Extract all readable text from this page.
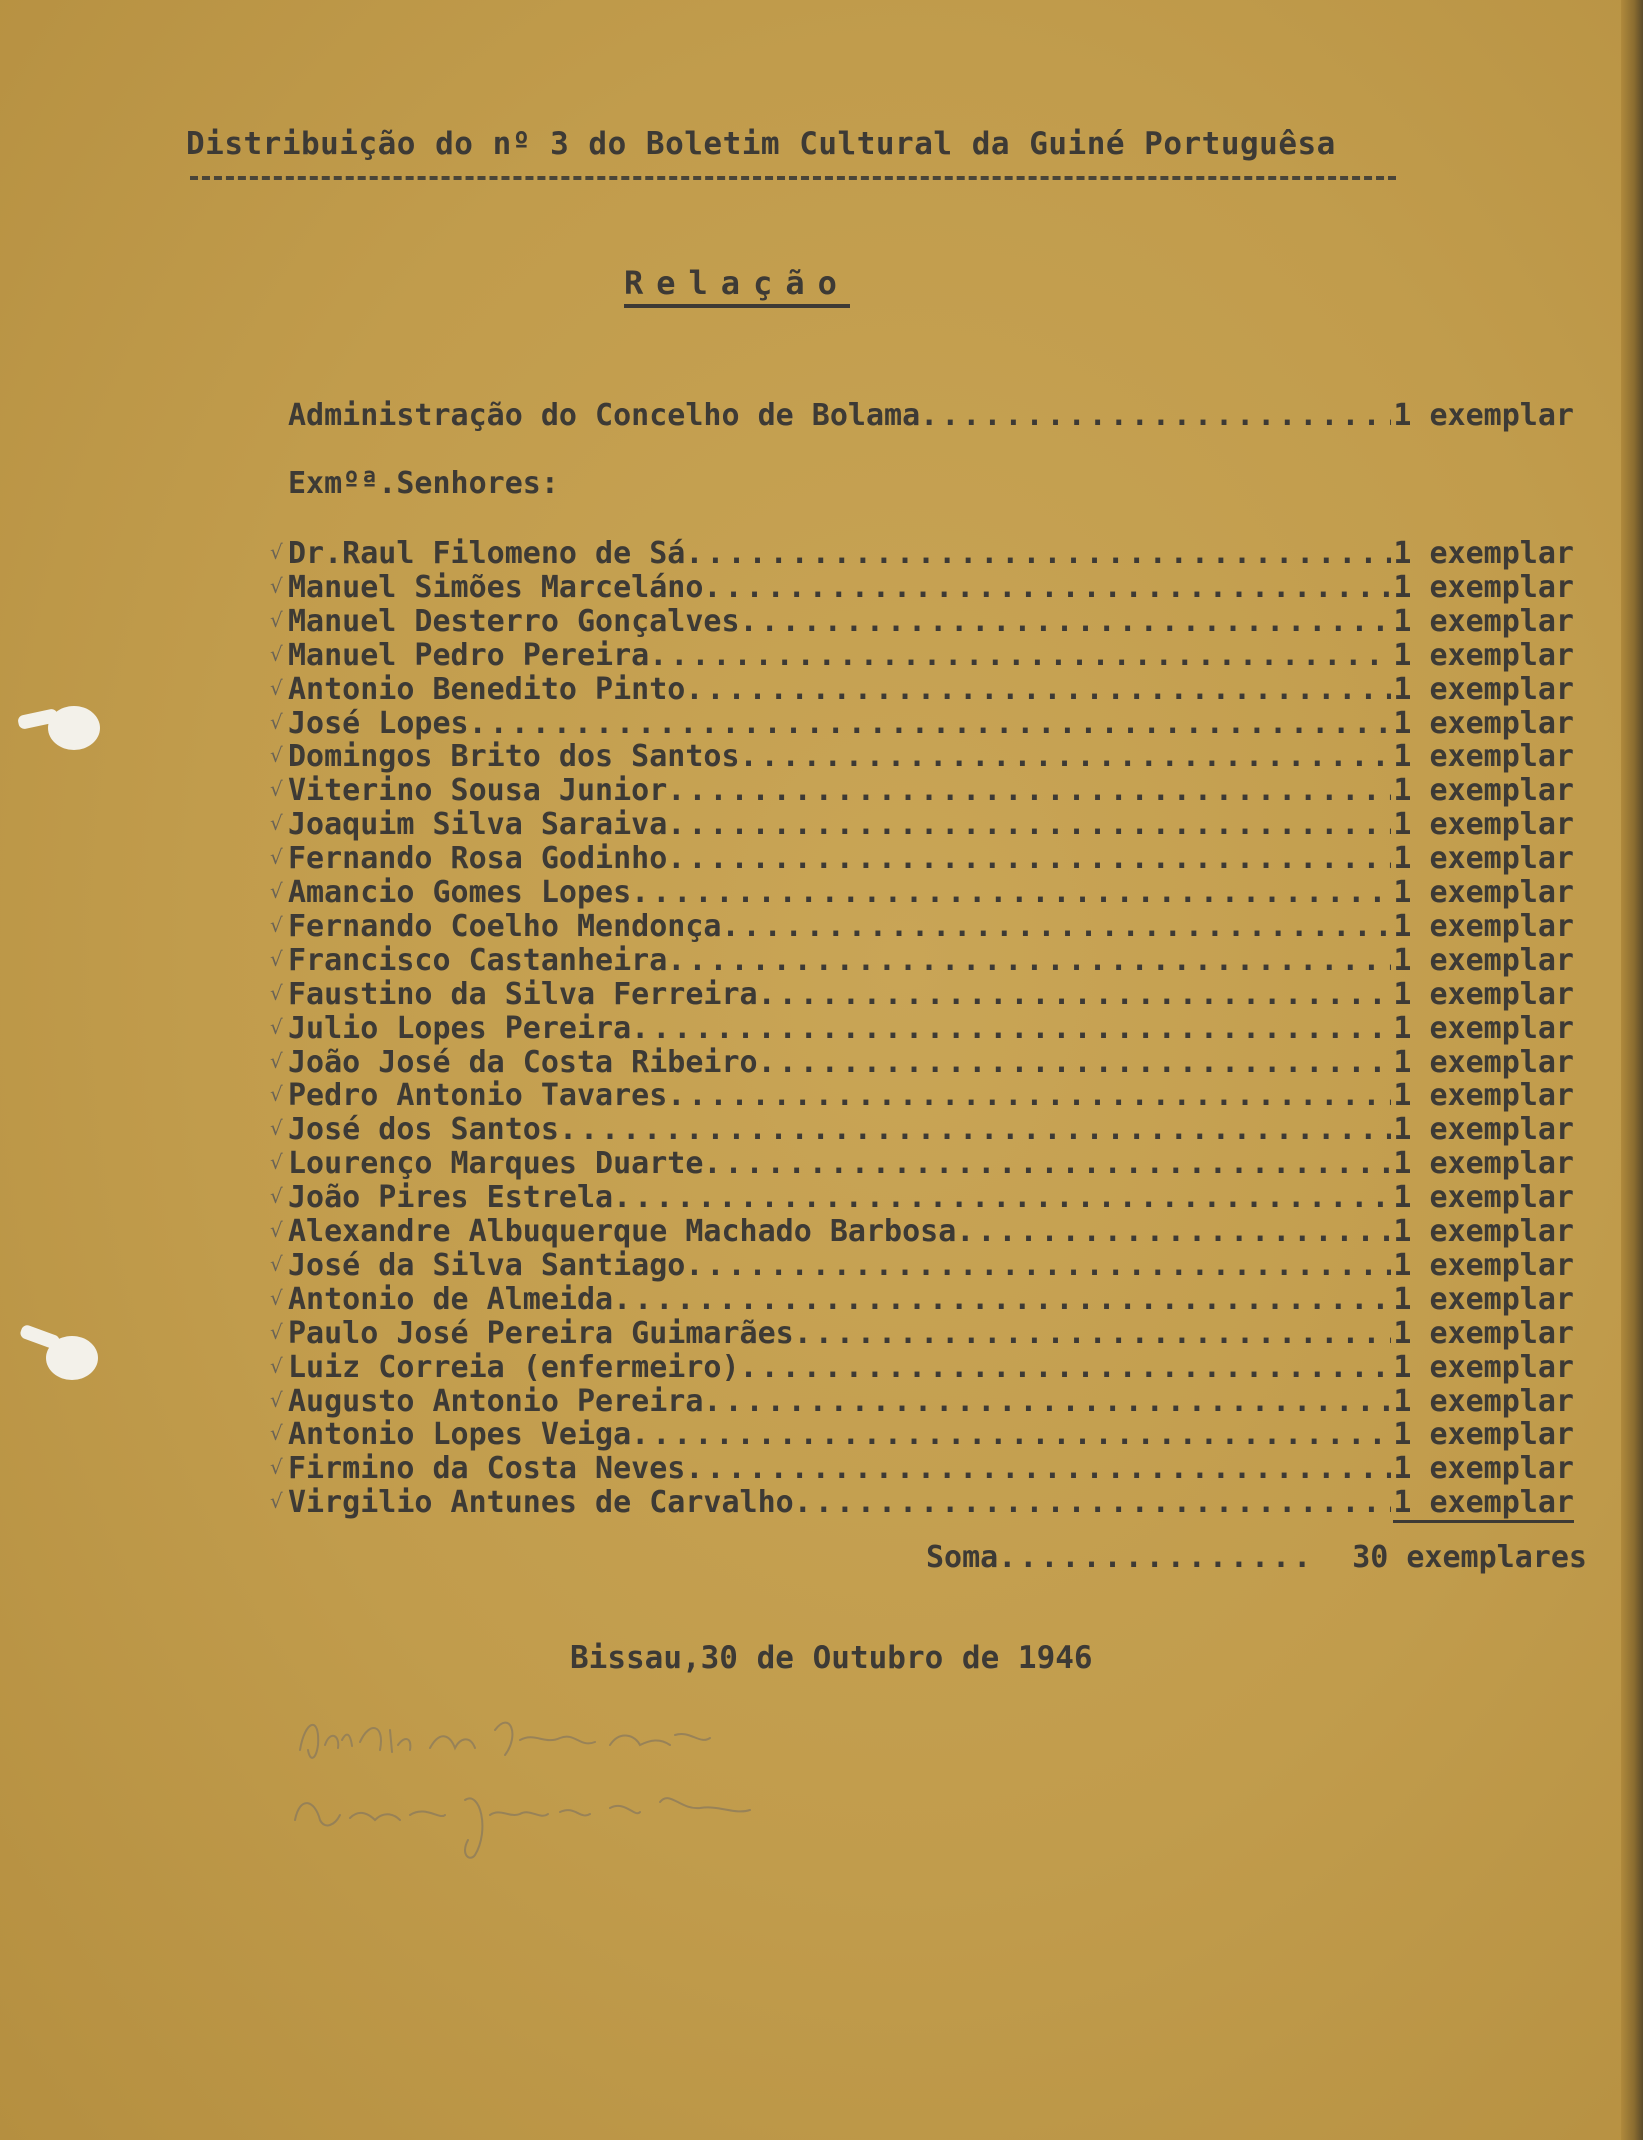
Distribuição do nº 3 do Boletim Cultural da Guiné Portuguêsa
Relação
Administração do Concelho de Bolama .....	1 exemplar
Exmºª.Senhores:
Dr.Raul Filomeno de Sá .....	1 exemplar
√
Manuel Simões Marceláno .....	1 exemplar
√
Manuel Desterro Gonçalves .....	1 exemplar
√
Manuel Pedro Pereira .....	1 exemplar
√
Antonio Benedito Pinto .....	1 exemplar
√
José Lopes .....	1 exemplar
√
Domingos Brito dos Santos .....	1 exemplar
√
Viterino Sousa Junior .....	1 exemplar
√
Joaquim Silva Saraiva .....	1 exemplar
√
Fernando Rosa Godinho .....	1 exemplar
√
Amancio Gomes Lopes .....	1 exemplar
√
Fernando Coelho Mendonça .....	1 exemplar
√
Francisco Castanheira .....	1 exemplar
√
Faustino da Silva Ferreira .....	1 exemplar
√
Julio Lopes Pereira .....	1 exemplar
√
João José da Costa Ribeiro .....	1 exemplar
√
Pedro Antonio Tavares .....	1 exemplar
√
José dos Santos .....	1 exemplar
√
Lourenço Marques Duarte .....	1 exemplar
√
João Pires Estrela .....	1 exemplar
√
Alexandre Albuquerque Machado Barbosa .....	1 exemplar
√
José da Silva Santiago .....	1 exemplar
√
Antonio de Almeida .....	1 exemplar
√
Paulo José Pereira Guimarães .....	1 exemplar
√
Luiz Correia (enfermeiro) .....	1 exemplar
√
Augusto Antonio Pereira .....	1 exemplar
√
Antonio Lopes Veiga .....	1 exemplar
√
Firmino da Costa Neves .....	1 exemplar
√
Virgilio Antunes de Carvalho .....	1 exemplar
√
Soma............... 30 exemplares
Bissau,30 de Outubro de 1946
